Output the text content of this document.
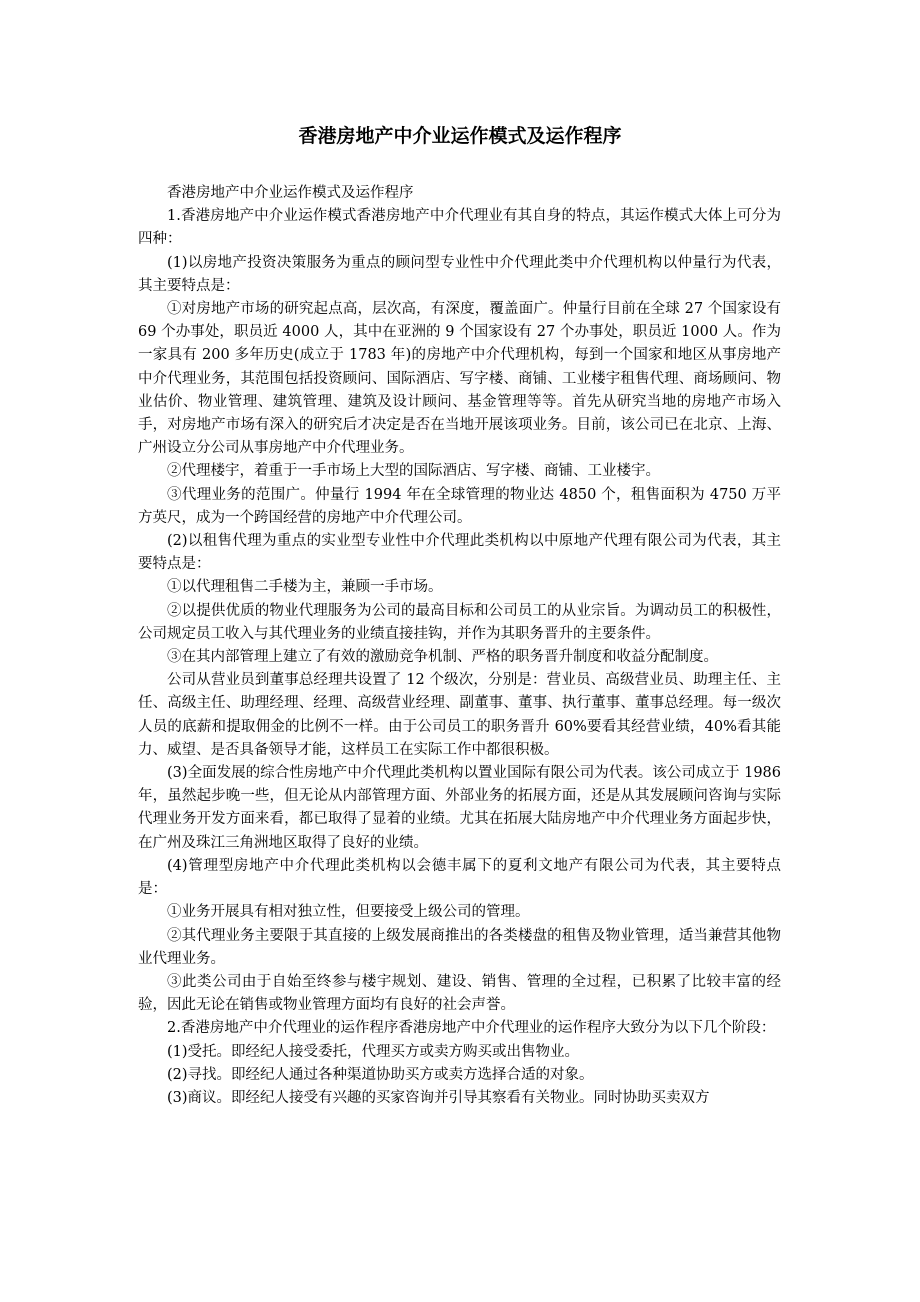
香港房地产中介业运作模式及运作程序

香港房地产中介业运作模式及运作程序

1.香港房地产中介业运作模式香港房地产中介代理业有其自身的特点，其运作模式大体上可分为四种：

(1)以房地产投资决策服务为重点的顾问型专业性中介代理此类中介代理机构以仲量行为代表，其主要特点是：

①对房地产市场的研究起点高，层次高，有深度，覆盖面广。仲量行目前在全球 27 个国家设有 69 个办事处，职员近 4000 人，其中在亚洲的 9 个国家设有 27 个办事处，职员近 1000 人。作为一家具有 200 多年历史(成立于 1783 年)的房地产中介代理机构，每到一个国家和地区从事房地产中介代理业务，其范围包括投资顾问、国际酒店、写字楼、商铺、工业楼宇租售代理、商场顾问、物业估价、物业管理、建筑管理、建筑及设计顾问、基金管理等等。首先从研究当地的房地产市场入手，对房地产市场有深入的研究后才决定是否在当地开展该项业务。目前，该公司已在北京、上海、广州设立分公司从事房地产中介代理业务。

②代理楼宇，着重于一手市场上大型的国际酒店、写字楼、商铺、工业楼宇。

③代理业务的范围广。仲量行 1994 年在全球管理的物业达 4850 个，租售面积为 4750 万平方英尺，成为一个跨国经营的房地产中介代理公司。

(2)以租售代理为重点的实业型专业性中介代理此类机构以中原地产代理有限公司为代表，其主要特点是：

①以代理租售二手楼为主，兼顾一手市场。

②以提供优质的物业代理服务为公司的最高目标和公司员工的从业宗旨。为调动员工的积极性，公司规定员工收入与其代理业务的业绩直接挂钩，并作为其职务晋升的主要条件。

③在其内部管理上建立了有效的激励竞争机制、严格的职务晋升制度和收益分配制度。

公司从营业员到董事总经理共设置了 12 个级次，分别是：营业员、高级营业员、助理主任、主任、高级主任、助理经理、经理、高级营业经理、副董事、董事、执行董事、董事总经理。每一级次人员的底薪和提取佣金的比例不一样。由于公司员工的职务晋升 60%要看其经营业绩，40%看其能力、威望、是否具备领导才能，这样员工在实际工作中都很积极。

(3)全面发展的综合性房地产中介代理此类机构以置业国际有限公司为代表。该公司成立于 1986 年，虽然起步晚一些，但无论从内部管理方面、外部业务的拓展方面，还是从其发展顾问咨询与实际代理业务开发方面来看，都已取得了显着的业绩。尤其在拓展大陆房地产中介代理业务方面起步快，在广州及珠江三角洲地区取得了良好的业绩。

(4)管理型房地产中介代理此类机构以会德丰属下的夏利文地产有限公司为代表，其主要特点是：

①业务开展具有相对独立性，但要接受上级公司的管理。

②其代理业务主要限于其直接的上级发展商推出的各类楼盘的租售及物业管理，适当兼营其他物业代理业务。

③此类公司由于自始至终参与楼宇规划、建设、销售、管理的全过程，已积累了比较丰富的经验，因此无论在销售或物业管理方面均有良好的社会声誉。

2.香港房地产中介代理业的运作程序香港房地产中介代理业的运作程序大致分为以下几个阶段：

(1)受托。即经纪人接受委托，代理买方或卖方购买或出售物业。

(2)寻找。即经纪人通过各种渠道协助买方或卖方选择合适的对象。

(3)商议。即经纪人接受有兴趣的买家咨询并引导其察看有关物业。同时协助买卖双方
